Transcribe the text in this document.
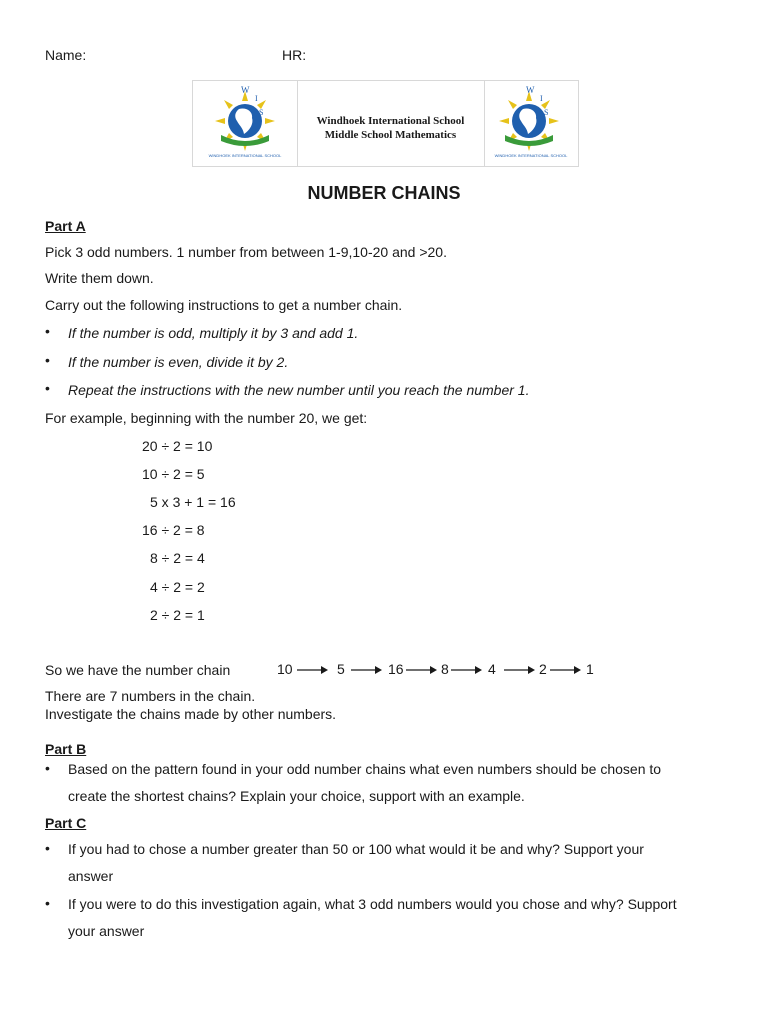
Name:	HR:
W
I
S
WINDHOEK INTERNATIONAL SCHOOL
Windhoek International School
Middle School Mathematics
W
I
S
WINDHOEK INTERNATIONAL SCHOOL
NUMBER CHAINS
Part A
Pick 3 odd numbers. 1 number from between 1-9,10-20 and >20.
Write them down.
Carry out the following instructions to get a number chain.
• If the number is odd, multiply it by 3 and add 1.
• If the number is even, divide it by 2.
• Repeat the instructions with the new number until you reach the number 1.
For example, beginning with the number 20, we get:
20 ÷ 2 = 10
10 ÷ 2 = 5
5 x 3 + 1 = 16
16 ÷ 2 = 8
8 ÷ 2 = 4
4 ÷ 2 = 2
2 ÷ 2 = 1
So we have the number chain	10	5	16	8	4	2	1
There are 7 numbers in the chain.
Investigate the chains made by other numbers.
Part B
• Based on the pattern found in your odd number chains what even numbers should be chosen to
create the shortest chains? Explain your choice, support with an example.
Part C
• If you had to chose a number greater than 50 or 100 what would it be and why? Support your
answer
• If you were to do this investigation again, what 3 odd numbers would you chose and why? Support
your answer
